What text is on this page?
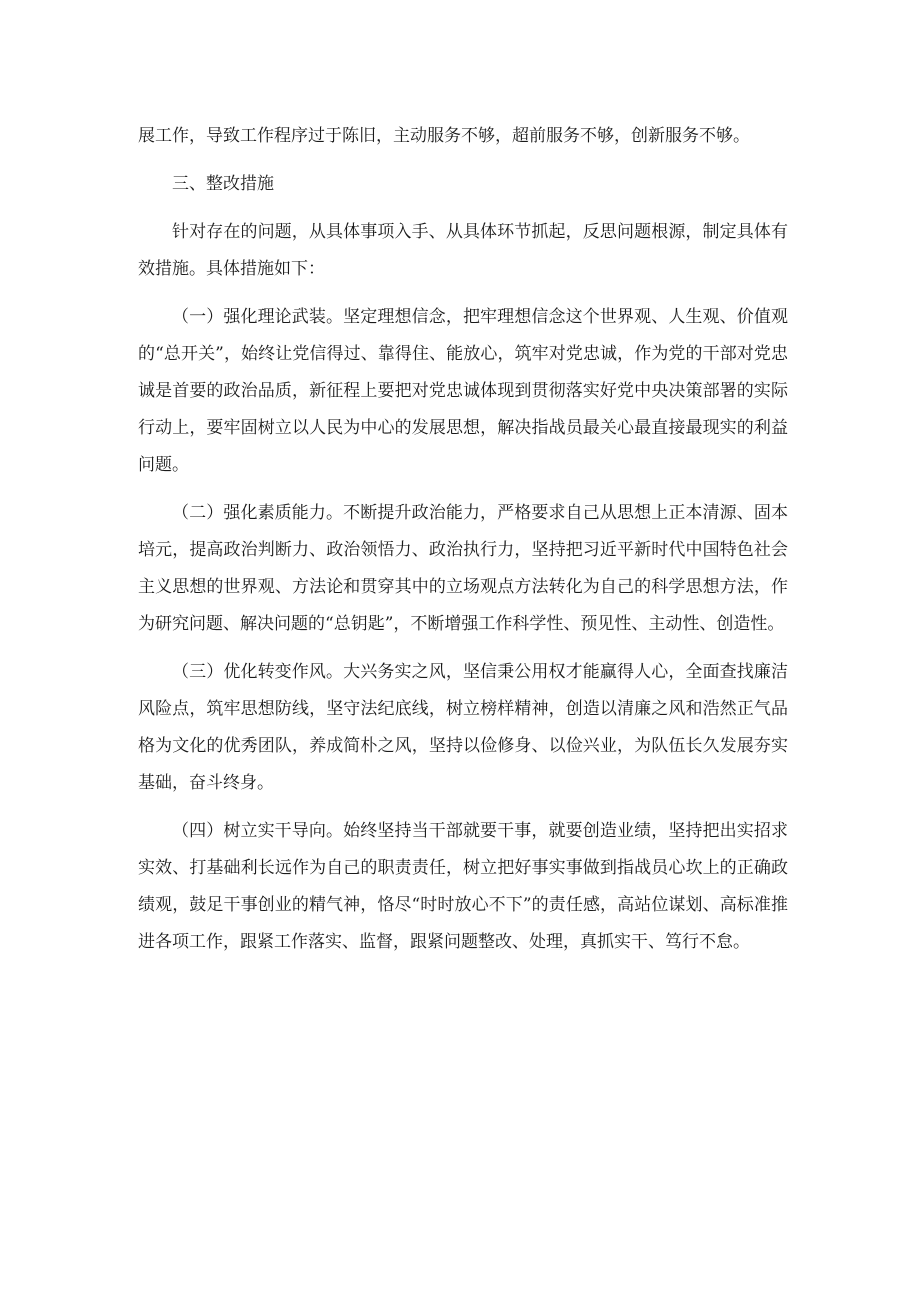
展工作，导致工作程序过于陈旧，主动服务不够，超前服务不够，创新服务不够。

三、整改措施

针对存在的问题，从具体事项入手、从具体环节抓起，反思问题根源，制定具体有效措施。具体措施如下：

（一）强化理论武装。坚定理想信念，把牢理想信念这个世界观、人生观、价值观的“总开关”，始终让党信得过、靠得住、能放心，筑牢对党忠诚，作为党的干部对党忠诚是首要的政治品质，新征程上要把对党忠诚体现到贯彻落实好党中央决策部署的实际行动上，要牢固树立以人民为中心的发展思想，解决指战员最关心最直接最现实的利益问题。

（二）强化素质能力。不断提升政治能力，严格要求自己从思想上正本清源、固本培元，提高政治判断力、政治领悟力、政治执行力，坚持把习近平新时代中国特色社会主义思想的世界观、方法论和贯穿其中的立场观点方法转化为自己的科学思想方法，作为研究问题、解决问题的“总钥匙”，不断增强工作科学性、预见性、主动性、创造性。

（三）优化转变作风。大兴务实之风，坚信秉公用权才能赢得人心，全面查找廉洁风险点，筑牢思想防线，坚守法纪底线，树立榜样精神，创造以清廉之风和浩然正气品格为文化的优秀团队，养成简朴之风，坚持以俭修身、以俭兴业，为队伍长久发展夯实基础，奋斗终身。

（四）树立实干导向。始终坚持当干部就要干事，就要创造业绩，坚持把出实招求实效、打基础利长远作为自己的职责责任，树立把好事实事做到指战员心坎上的正确政绩观，鼓足干事创业的精气神，恪尽“时时放心不下”的责任感，高站位谋划、高标准推进各项工作，跟紧工作落实、监督，跟紧问题整改、处理，真抓实干、笃行不怠。
